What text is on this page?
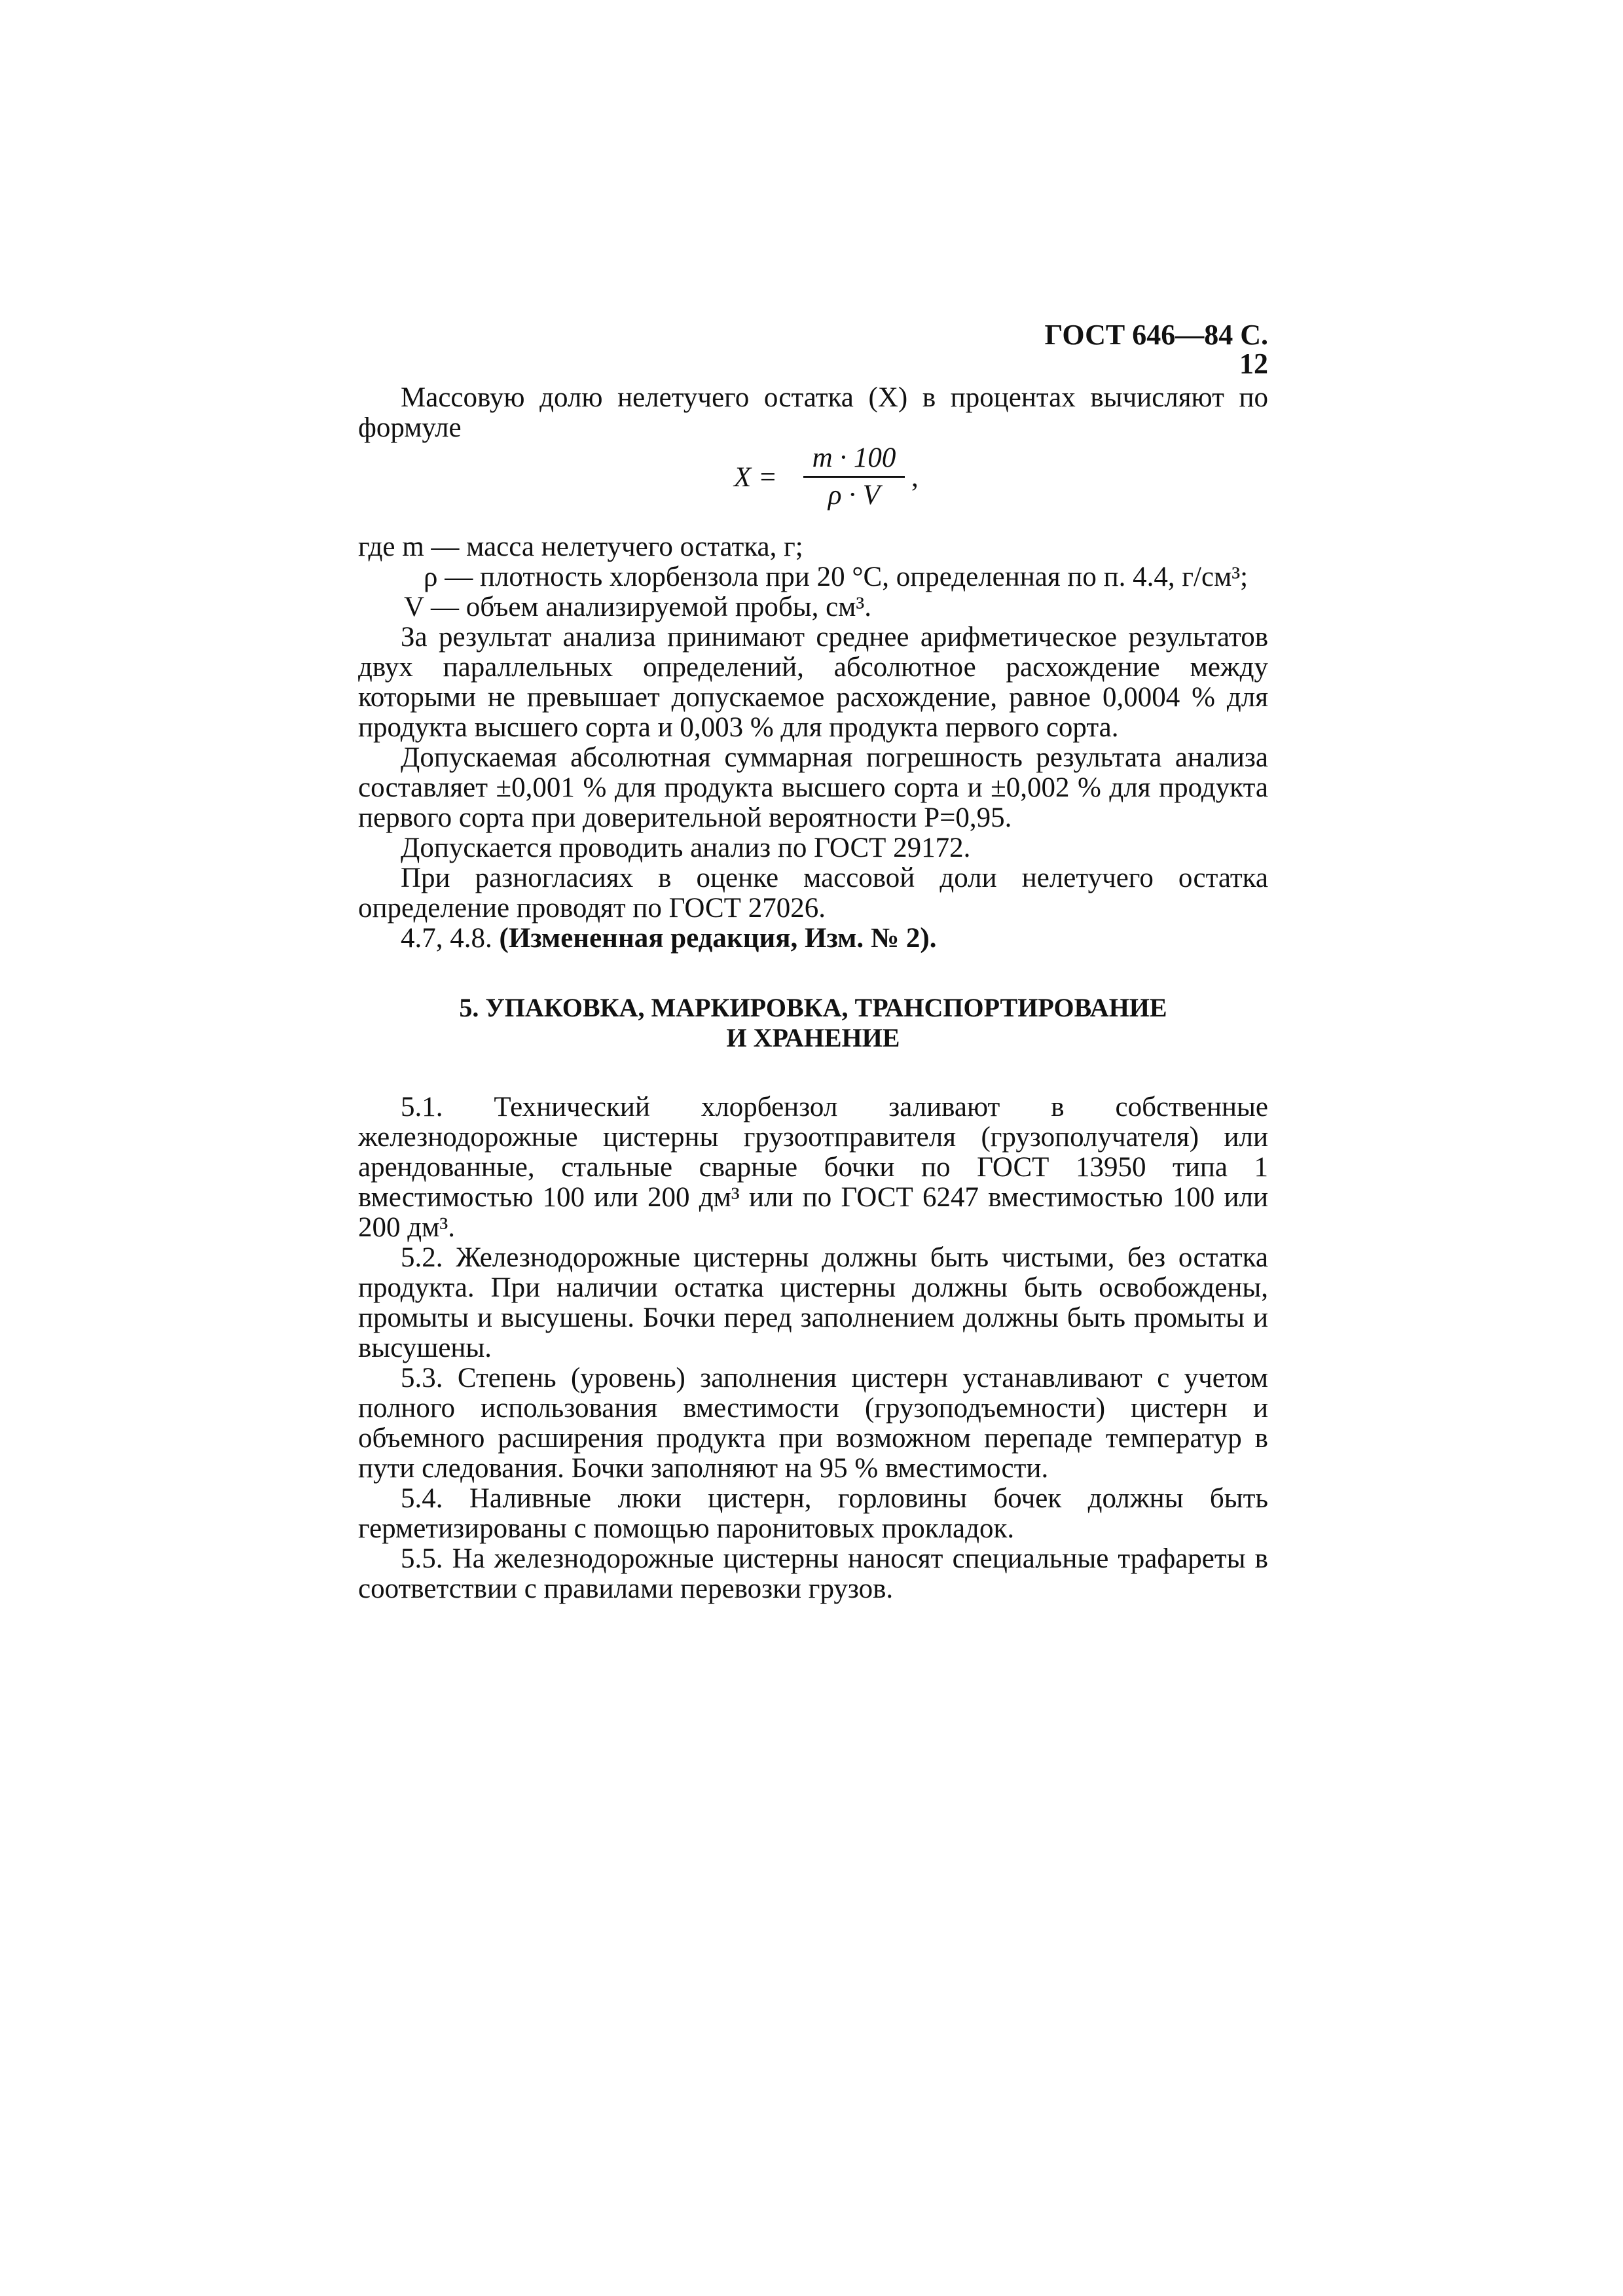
ГОСТ 646—84 С. 12

Массовую долю нелетучего остатка (X) в процентах вычисляют по формуле

X =
m · 100
ρ · V
,

где m — масса нелетучего остатка, г;

ρ — плотность хлорбензола при 20 °С, определенная по п. 4.4, г/см³;

V — объем анализируемой пробы, см³.

За результат анализа принимают среднее арифметическое результатов двух параллельных определений, абсолютное расхождение между которыми не превышает допускаемое расхождение, равное 0,0004 % для продукта высшего сорта и 0,003 % для продукта первого сорта.

Допускаемая абсолютная суммарная погрешность результата анализа составляет ±0,001 % для продукта высшего сорта и ±0,002 % для продукта первого сорта при доверительной вероятности P=0,95.

Допускается проводить анализ по ГОСТ 29172.

При разногласиях в оценке массовой доли нелетучего остатка определение проводят по ГОСТ 27026.

4.7, 4.8. (Измененная редакция, Изм. № 2).

5. УПАКОВКА, МАРКИРОВКА, ТРАНСПОРТИРОВАНИЕ

И ХРАНЕНИЕ

5.1. Технический хлорбензол заливают в собственные железнодорожные цистерны грузоотправителя (грузополучателя) или арендованные, стальные сварные бочки по ГОСТ 13950 типа 1 вместимостью 100 или 200 дм³ или по ГОСТ 6247 вместимостью 100 или 200 дм³.

5.2. Железнодорожные цистерны должны быть чистыми, без остатка продукта. При наличии остатка цистерны должны быть освобождены, промыты и высушены. Бочки перед заполнением должны быть промыты и высушены.

5.3. Степень (уровень) заполнения цистерн устанавливают с учетом полного использования вместимости (грузоподъемности) цистерн и объемного расширения продукта при возможном перепаде температур в пути следования. Бочки заполняют на 95 % вместимости.

5.4. Наливные люки цистерн, горловины бочек должны быть герметизированы с помощью паронитовых прокладок.

5.5. На железнодорожные цистерны наносят специальные трафареты в соответствии с правилами перевозки грузов.
